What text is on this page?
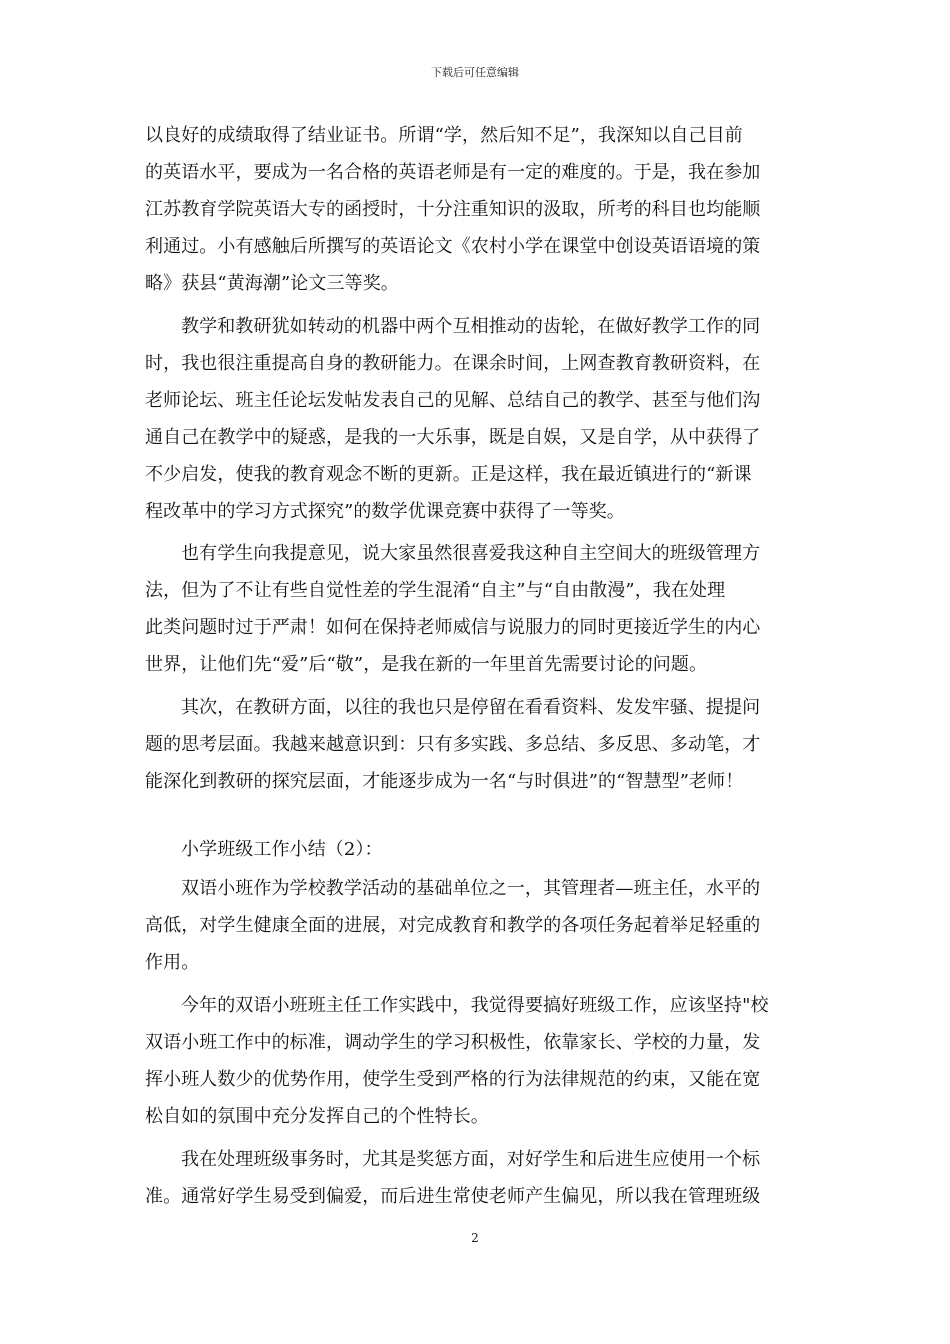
下载后可任意编辑
以良好的成绩取得了结业证书。所谓“学，然后知不足”，我深知以自己目前
的英语水平，要成为一名合格的英语老师是有一定的难度的。于是，我在参加
江苏教育学院英语大专的函授时，十分注重知识的汲取，所考的科目也均能顺
利通过。小有感触后所撰写的英语论文《农村小学在课堂中创设英语语境的策
略》获县“黄海潮”论文三等奖。
教学和教研犹如转动的机器中两个互相推动的齿轮，在做好教学工作的同
时，我也很注重提高自身的教研能力。在课余时间，上网查教育教研资料，在
老师论坛、班主任论坛发帖发表自己的见解、总结自己的教学、甚至与他们沟
通自己在教学中的疑惑，是我的一大乐事，既是自娱，又是自学，从中获得了
不少启发，使我的教育观念不断的更新。正是这样，我在最近镇进行的“新课
程改革中的学习方式探究”的数学优课竞赛中获得了一等奖。
也有学生向我提意见，说大家虽然很喜爱我这种自主空间大的班级管理方
法，但为了不让有些自觉性差的学生混淆“自主”与“自由散漫”，我在处理
此类问题时过于严肃！如何在保持老师威信与说服力的同时更接近学生的内心
世界，让他们先“爱”后“敬”，是我在新的一年里首先需要讨论的问题。
其次，在教研方面，以往的我也只是停留在看看资料、发发牢骚、提提问
题的思考层面。我越来越意识到：只有多实践、多总结、多反思、多动笔，才
能深化到教研的探究层面，才能逐步成为一名“与时俱进”的“智慧型”老师！
小学班级工作小结（2）：
双语小班作为学校教学活动的基础单位之一，其管理者—班主任，水平的
高低，对学生健康全面的进展，对完成教育和教学的各项任务起着举足轻重的
作用。
今年的双语小班班主任工作实践中，我觉得要搞好班级工作，应该坚持"校
双语小班工作中的标准，调动学生的学习积极性，依靠家长、学校的力量，发
挥小班人数少的优势作用，使学生受到严格的行为法律规范的约束，又能在宽
松自如的氛围中充分发挥自己的个性特长。
我在处理班级事务时，尤其是奖惩方面，对好学生和后进生应使用一个标
准。通常好学生易受到偏爱，而后进生常使老师产生偏见，所以我在管理班级
2
